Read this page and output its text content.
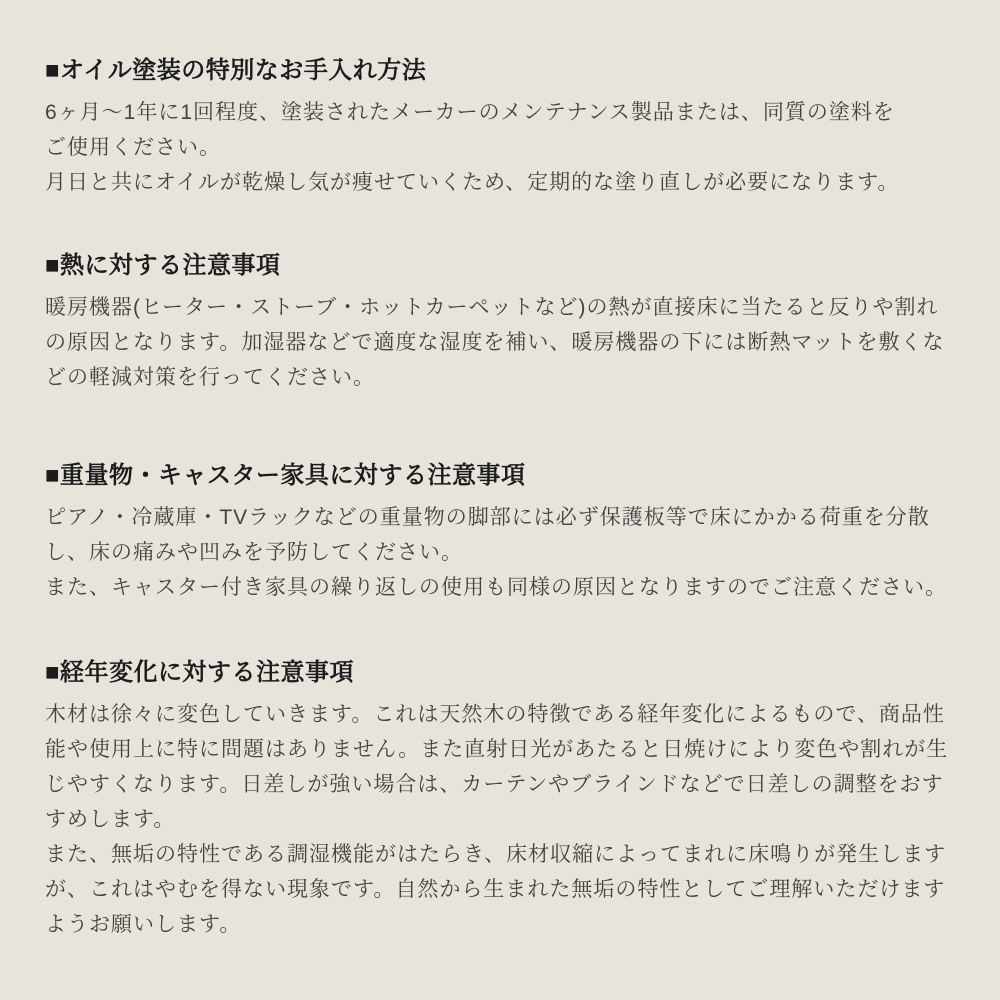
■オイル塗装の特別なお手入れ方法
6ヶ月〜1年に1回程度、塗装されたメーカーのメンテナンス製品または、同質の塗料を
ご使用ください。
月日と共にオイルが乾燥し気が痩せていくため、定期的な塗り直しが必要になります。
■熱に対する注意事項
暖房機器(ヒーター・ストーブ・ホットカーペットなど)の熱が直接床に当たると反りや割れ
の原因となります。加湿器などで適度な湿度を補い、暖房機器の下には断熱マットを敷くな
どの軽減対策を行ってください。
■重量物・キャスター家具に対する注意事項
ピアノ・冷蔵庫・TVラックなどの重量物の脚部には必ず保護板等で床にかかる荷重を分散
し、床の痛みや凹みを予防してください。
また、キャスター付き家具の繰り返しの使用も同様の原因となりますのでご注意ください。
■経年変化に対する注意事項
木材は徐々に変色していきます。これは天然木の特徴である経年変化によるもので、商品性
能や使用上に特に問題はありません。また直射日光があたると日焼けにより変色や割れが生
じやすくなります。日差しが強い場合は、カーテンやブラインドなどで日差しの調整をおす
すめします。
また、無垢の特性である調湿機能がはたらき、床材収縮によってまれに床鳴りが発生します
が、これはやむを得ない現象です。自然から生まれた無垢の特性としてご理解いただけます
ようお願いします。
